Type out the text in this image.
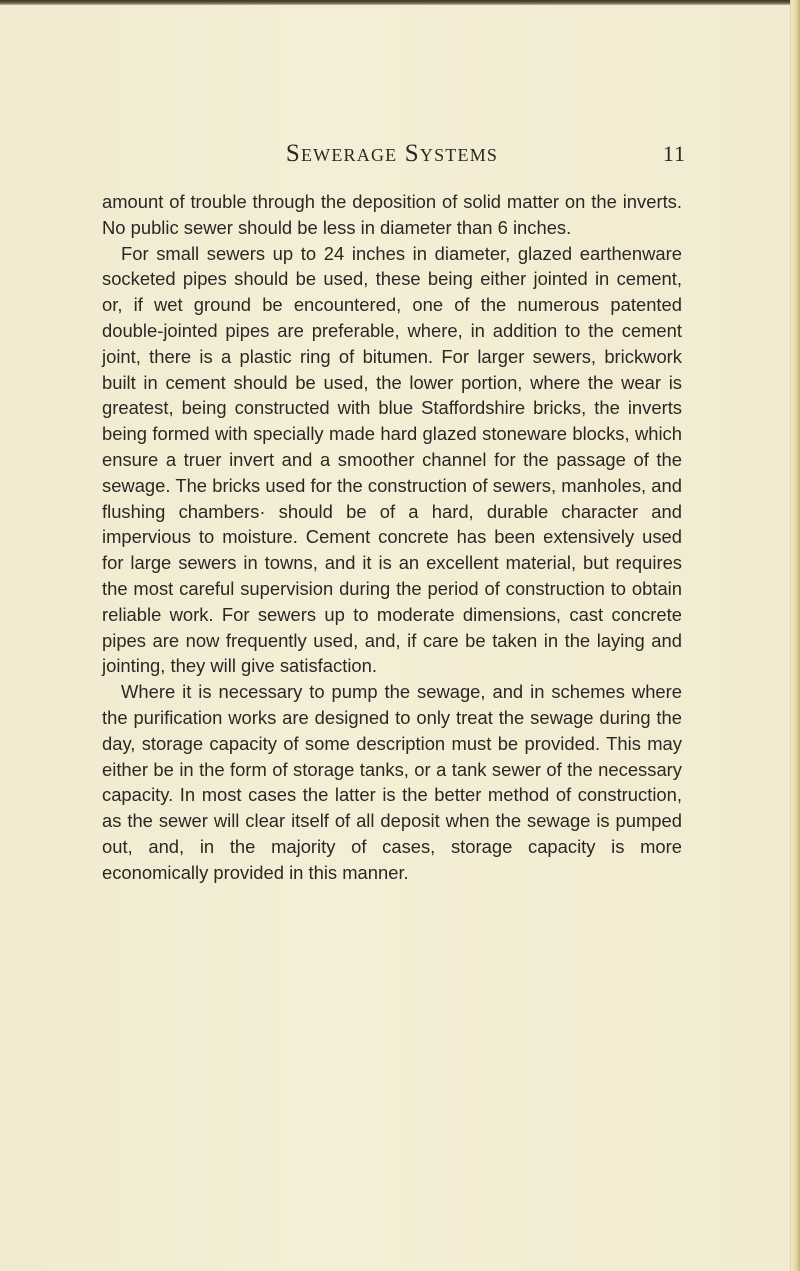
Sewerage Systems	11

amount of trouble through the deposition of solid matter on the inverts. No public sewer should be less in diameter than 6 inches.

For small sewers up to 24 inches in diameter, glazed earthenware socketed pipes should be used, these being either jointed in cement, or, if wet ground be encountered, one of the numerous patented double-jointed pipes are preferable, where, in addition to the cement joint, there is a plastic ring of bitumen. For larger sewers, brickwork built in cement should be used, the lower portion, where the wear is greatest, being constructed with blue Staffordshire bricks, the inverts being formed with specially made hard glazed stoneware blocks, which ensure a truer invert and a smoother channel for the passage of the sewage. The bricks used for the construction of sewers, manholes, and flushing chambers· should be of a hard, durable character and impervious to moisture. Cement concrete has been extensively used for large sewers in towns, and it is an excellent material, but requires the most careful supervision during the period of construction to obtain reliable work. For sewers up to moderate dimensions, cast concrete pipes are now frequently used, and, if care be taken in the laying and jointing, they will give satisfaction.

Where it is necessary to pump the sewage, and in schemes where the purification works are designed to only treat the sewage during the day, storage capacity of some description must be provided. This may either be in the form of storage tanks, or a tank sewer of the necessary capacity. In most cases the latter is the better method of construction, as the sewer will clear itself of all deposit when the sewage is pumped out, and, in the majority of cases, storage capacity is more economically provided in this manner.
